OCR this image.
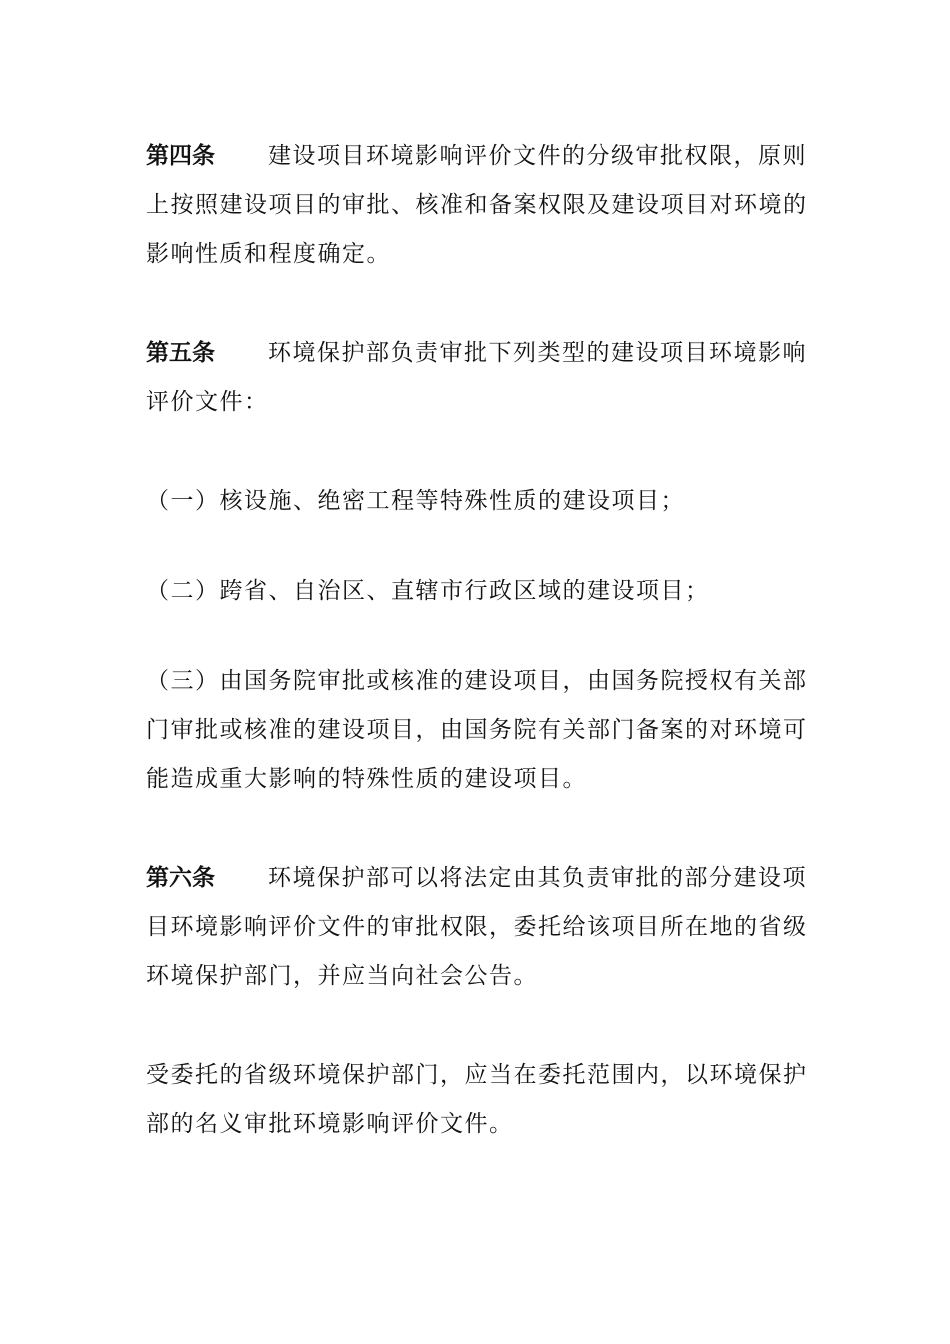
第四条 建设项目环境影响评价文件的分级审批权限，原则上按照建设项目的审批、核准和备案权限及建设项目对环境的影响性质和程度确定。

第五条 环境保护部负责审批下列类型的建设项目环境影响评价文件：

（一）核设施、绝密工程等特殊性质的建设项目；

（二）跨省、自治区、直辖市行政区域的建设项目；

（三）由国务院审批或核准的建设项目，由国务院授权有关部门审批或核准的建设项目，由国务院有关部门备案的对环境可能造成重大影响的特殊性质的建设项目。

第六条 环境保护部可以将法定由其负责审批的部分建设项目环境影响评价文件的审批权限，委托给该项目所在地的省级环境保护部门，并应当向社会公告。

受委托的省级环境保护部门，应当在委托范围内，以环境保护部的名义审批环境影响评价文件。
